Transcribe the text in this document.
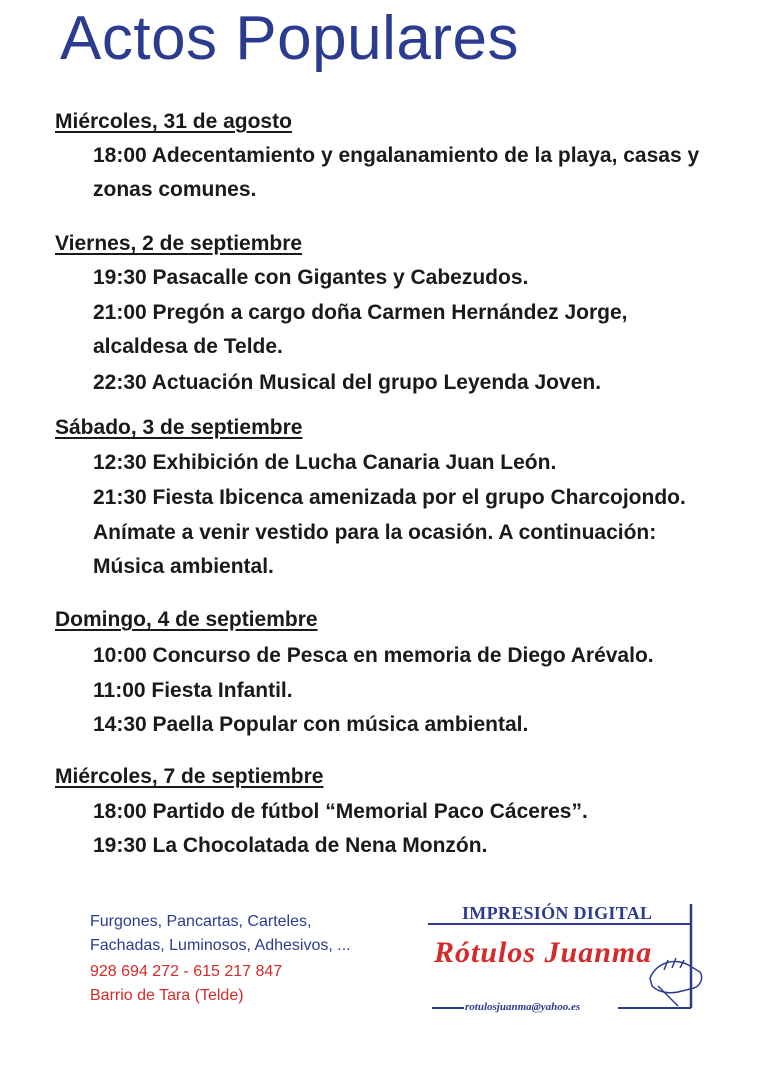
Actos Populares
Miércoles, 31 de agosto
18:00 Adecentamiento y engalanamiento de la playa, casas y
zonas comunes.
Viernes, 2 de septiembre
19:30 Pasacalle con Gigantes y Cabezudos.
21:00 Pregón a cargo doña Carmen Hernández Jorge,
alcaldesa de Telde.
22:30 Actuación Musical del grupo Leyenda Joven.
Sábado, 3 de septiembre
12:30 Exhibición de Lucha Canaria Juan León.
21:30 Fiesta Ibicenca amenizada por el grupo Charcojondo.
Anímate a venir vestido para la ocasión. A continuación:
Música ambiental.
Domingo, 4 de septiembre
10:00 Concurso de Pesca en memoria de Diego Arévalo.
11:00 Fiesta Infantil.
14:30 Paella Popular con música ambiental.
Miércoles, 7 de septiembre
18:00 Partido de fútbol “Memorial Paco Cáceres”.
19:30 La Chocolatada de Nena Monzón.
Furgones, Pancartas, Carteles,
Fachadas, Luminosos, Adhesivos, ...
928 694 272 - 615 217 847
Barrio de Tara (Telde)
IMPRESIÓN DIGITAL
Rótulos Juanma
rotulosjuanma@yahoo.es
